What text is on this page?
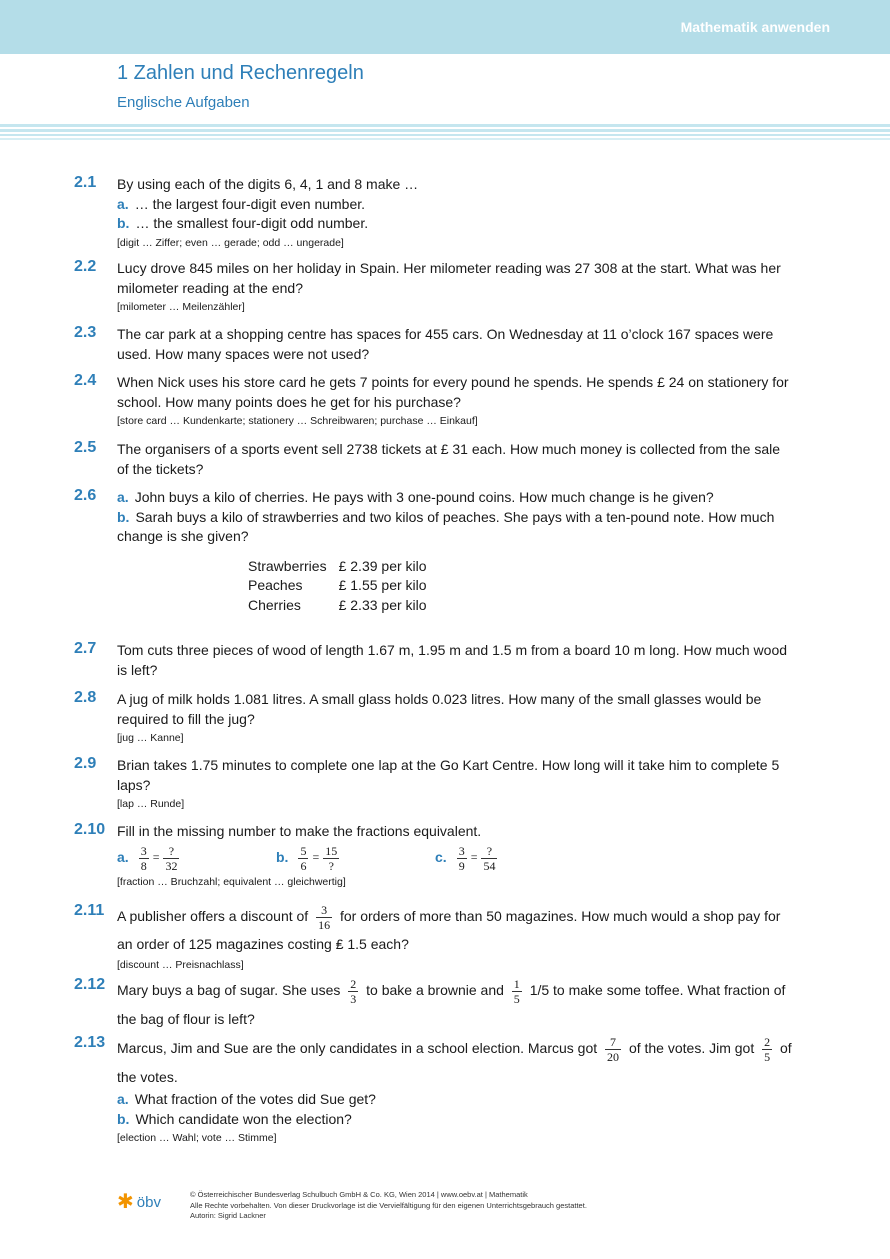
Mathematik anwenden
1 Zahlen und Rechenregeln
Englische Aufgaben
2.1 By using each of the digits 6, 4, 1 and 8 make …
a. … the largest four-digit even number.
b. … the smallest four-digit odd number.
[digit … Ziffer; even … gerade; odd … ungerade]
2.2 Lucy drove 845 miles on her holiday in Spain. Her milometer reading was 27 308 at the start. What was her milometer reading at the end?
[milometer … Meilenzähler]
2.3 The car park at a shopping centre has spaces for 455 cars. On Wednesday at 11 o’clock 167 spaces were used. How many spaces were not used?
2.4 When Nick uses his store card he gets 7 points for every pound he spends. He spends £ 24 on stationery for school. How many points does he get for his purchase?
[store card … Kundenkarte; stationery … Schreibwaren; purchase … Einkauf]
2.5 The organisers of a sports event sell 2738 tickets at £ 31 each. How much money is collected from the sale of the tickets?
2.6 a. John buys a kilo of cherries. He pays with 3 one-pound coins. How much change is he given?
b. Sarah buys a kilo of strawberries and two kilos of peaches. She pays with a ten-pound note. How much change is she given?
Strawberries	£ 2.39 per kilo
Peaches	£ 1.55 per kilo
Cherries	£ 2.33 per kilo
2.7 Tom cuts three pieces of wood of length 1.67 m, 1.95 m and 1.5 m from a board 10 m long. How much wood is left?
2.8 A jug of milk holds 1.081 litres. A small glass holds 0.023 litres. How many of the small glasses would be required to fill the jug?
[jug … Kanne]
2.9 Brian takes 1.75 minutes to complete one lap at the Go Kart Centre. How long will it take him to complete 5 laps?
[lap … Runde]
2.10 Fill in the missing number to make the fractions equivalent.
a. $\frac{3}{8} = \frac{?}{32}$	b. $\frac{5}{6} = \frac{15}{?}$	c. $\frac{3}{9} = \frac{?}{54}$
[fraction … Bruchzahl; equivalent … gleichwertig]
2.11 A publisher offers a discount of $\frac{3}{16}$ for orders of more than 50 magazines. How much would a shop pay for an order of 125 magazines costing ₤ 1.5 each?
[discount … Preisnachlass]
2.12 Mary buys a bag of sugar. She uses $\frac{2}{3}$ to bake a brownie and $\frac{1}{5} 1/5$ to make some toffee. What fraction of the bag of flour is left?
2.13 Marcus, Jim and Sue are the only candidates in a school election. Marcus got $\frac{7}{20}$ of the votes. Jim got $\frac{2}{5}$ of the votes.
a. What fraction of the votes did Sue get?
b. Which candidate won the election?
[election … Wahl; vote … Stimme]
✱ öbv	© Österreichischer Bundesverlag Schulbuch GmbH & Co. KG, Wien 2014 | www.oebv.at | Mathematik
Alle Rechte vorbehalten. Von dieser Druckvorlage ist die Vervielfältigung für den eigenen Unterrichtsgebrauch gestattet.
Autorin: Sigrid Lackner
